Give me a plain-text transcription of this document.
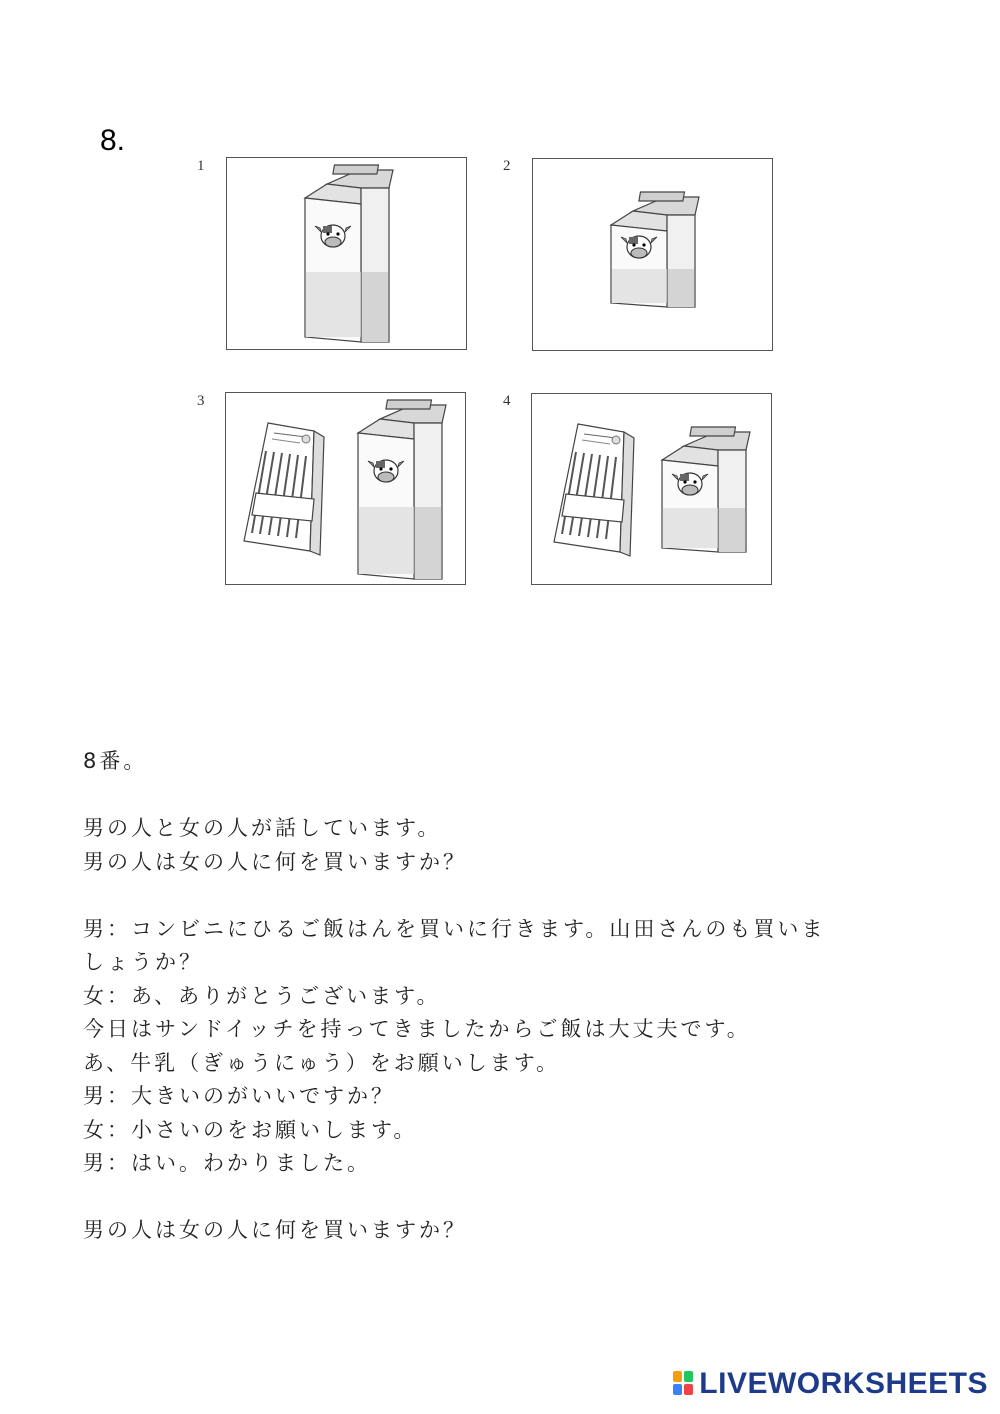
8.
1	2
3	4

8番。

男の人と女の人が話しています。

男の人は女の人に何を買いますか？

男：コンビニにひるご飯はんを買いに行きます。山田さんのも買いま

しょうか？

女：あ、ありがとうございます。

今日はサンドイッチを持ってきましたからご飯は大丈夫です。

あ、牛乳（ぎゅうにゅう）をお願いします。

男：大きいのがいいですか？

女：小さいのをお願いします。

男：はい。わかりました。

男の人は女の人に何を買いますか？

LIVEWORKSHEETS
